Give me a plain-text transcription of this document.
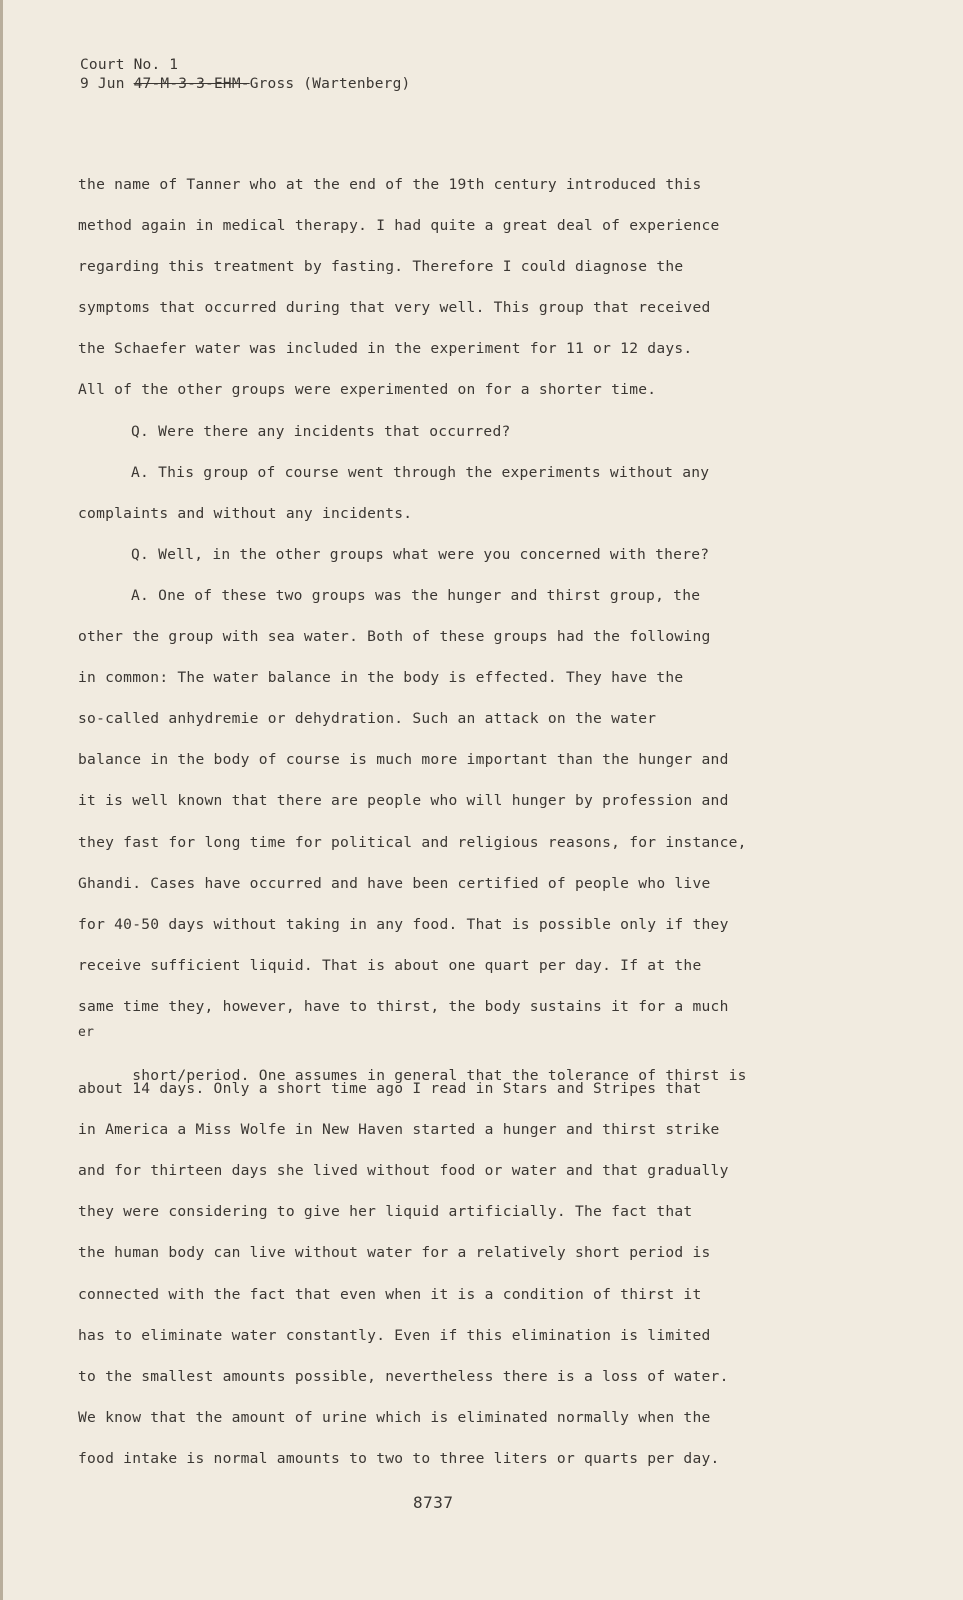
Court No. 1
9 Jun 47-M-3-3-EHM-Gross (Wartenberg)
the name of Tanner who at the end of the 19th century introduced this
method again in medical therapy. I had quite a great deal of experience
regarding this treatment by fasting. Therefore I could diagnose the
symptoms that occurred during that very well. This group that received
the Schaefer water was included in the experiment for 11 or 12 days.
All of the other groups were experimented on for a shorter time.
Q. Were there any incidents that occurred?
A. This group of course went through the experiments without any
complaints and without any incidents.
Q. Well, in the other groups what were you concerned with there?
A. One of these two groups was the hunger and thirst group, the
other the group with sea water. Both of these groups had the following
in common: The water balance in the body is effected. They have the
so-called anhydremie or dehydration. Such an attack on the water
balance in the body of course is much more important than the hunger and
it is well known that there are people who will hunger by profession and
they fast for long time for political and religious reasons, for instance,
Ghandi. Cases have occurred and have been certified of people who live
for 40-50 days without taking in any food. That is possible only if they
receive sufficient liquid. That is about one quart per day. If at the
same time they, however, have to thirst, the body sustains it for a much

er
short/period. One assumes in general that the tolerance of thirst is

about 14 days. Only a short time ago I read in Stars and Stripes that
in America a Miss Wolfe in New Haven started a hunger and thirst strike
and for thirteen days she lived without food or water and that gradually
they were considering to give her liquid artificially. The fact that
the human body can live without water for a relatively short period is
connected with the fact that even when it is a condition of thirst it
has to eliminate water constantly. Even if this elimination is limited
to the smallest amounts possible, nevertheless there is a loss of water.
We know that the amount of urine which is eliminated normally when the
food intake is normal amounts to two to three liters or quarts per day.
8737
